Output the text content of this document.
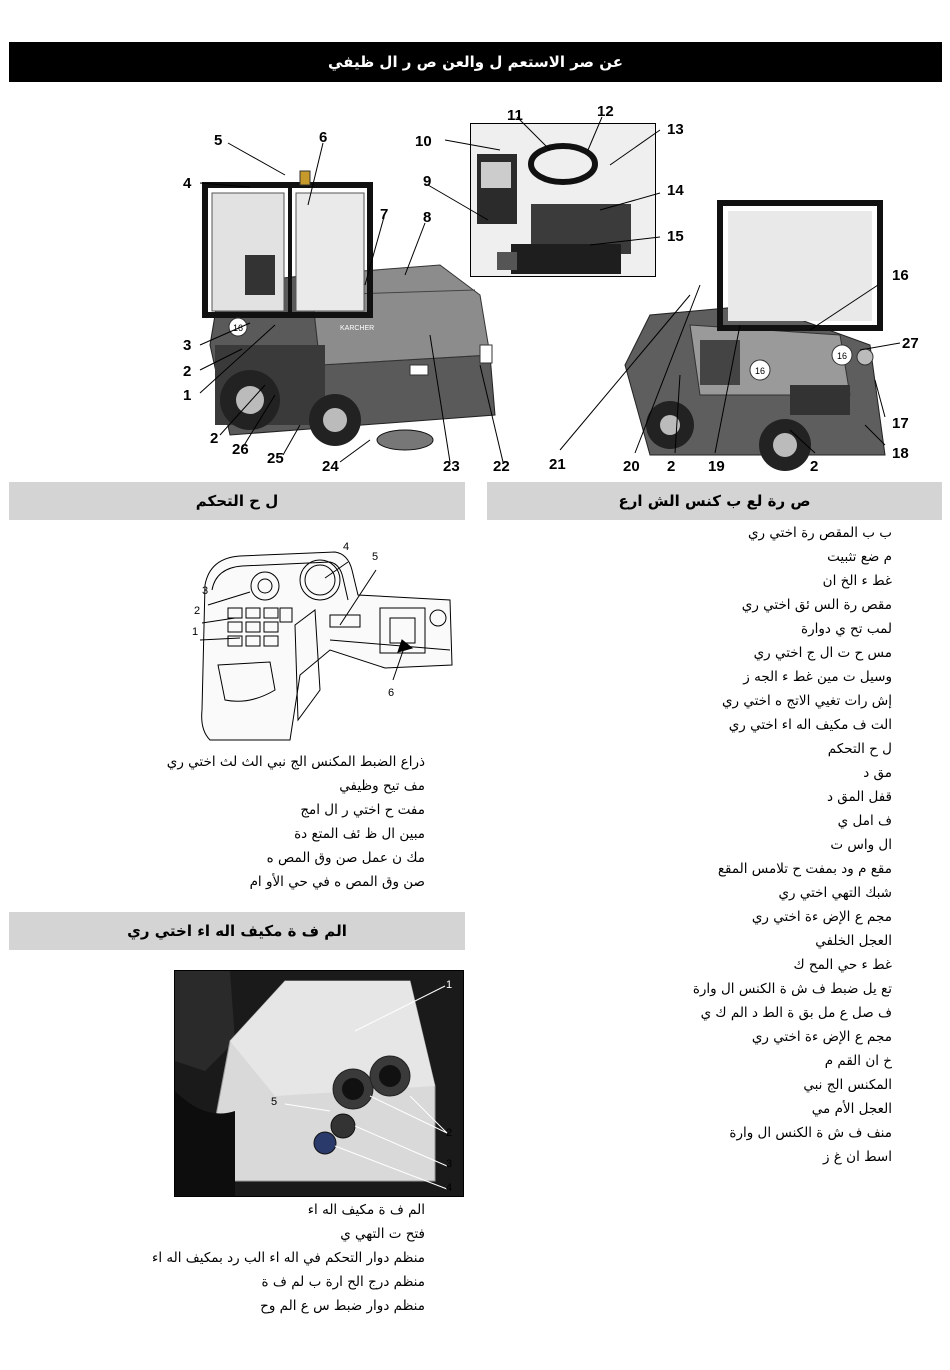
عن صر الاستعم ل والعن ص ر ال ظيفي
16	KARCHER
16
16
3
2
1
4
5	6
7 8
9
10
11	12
13
14
15
16
17
18
19
20
21
22
23
24
25
26
2
2	2
27
ل ح التحكم	ص رة لع ب كنس الش ارع
1
2
3
4
5
6
ذراع الضبط المكنس الج نبي الث لث اختي ري
مف تيح وظيفي
مفت ح اختي ر ال امج
مبين ال ظ ئف المتع دة
مك ن عمل صن وق المص ه
صن وق المص ه في حي الأو ام
الم ف ة مكيف اله اء اختي ري
1
2
3
4
5
الم ف ة مكيف اله اء
فتح ت التهي ي
منظم دوار التحكم في اله اء الب رد بمكيف اله اء
منظم درج الح ارة ب لم ف ة
منظم دوار ضبط س ع الم وح
ب ب المقص رة اختي ري
م ضع تثبيت
غط ء الخ ان
مقص رة الس ئق اختي ري
لمب تح ي دوارة
مس ح ت ال ج اختي ري
وسيل ت مين غط ء الجه ز
إش رات تغيي الاتج ه اختي ري
الت ف مكيف اله اء اختي ري
ل ح التحكم
مق د
قفل المق د
ف امل ي
ال واس ت
مقع م ود بمفت ح تلامس المقع
شبك التهي اختي ري
مجم ع الإض ءة اختي ري
العجل الخلفي
غط ء حي المح ك
تع يل ضبط ف ش ة الكنس ال وارة
ف صل ع مل بق ة الط د الم ك ي
مجم ع الإض ءة اختي ري
خ ان القم م
المكنس الج نبي
العجل الأم مي
منف ف ش ة الكنس ال وارة
اسط ان غ ز
